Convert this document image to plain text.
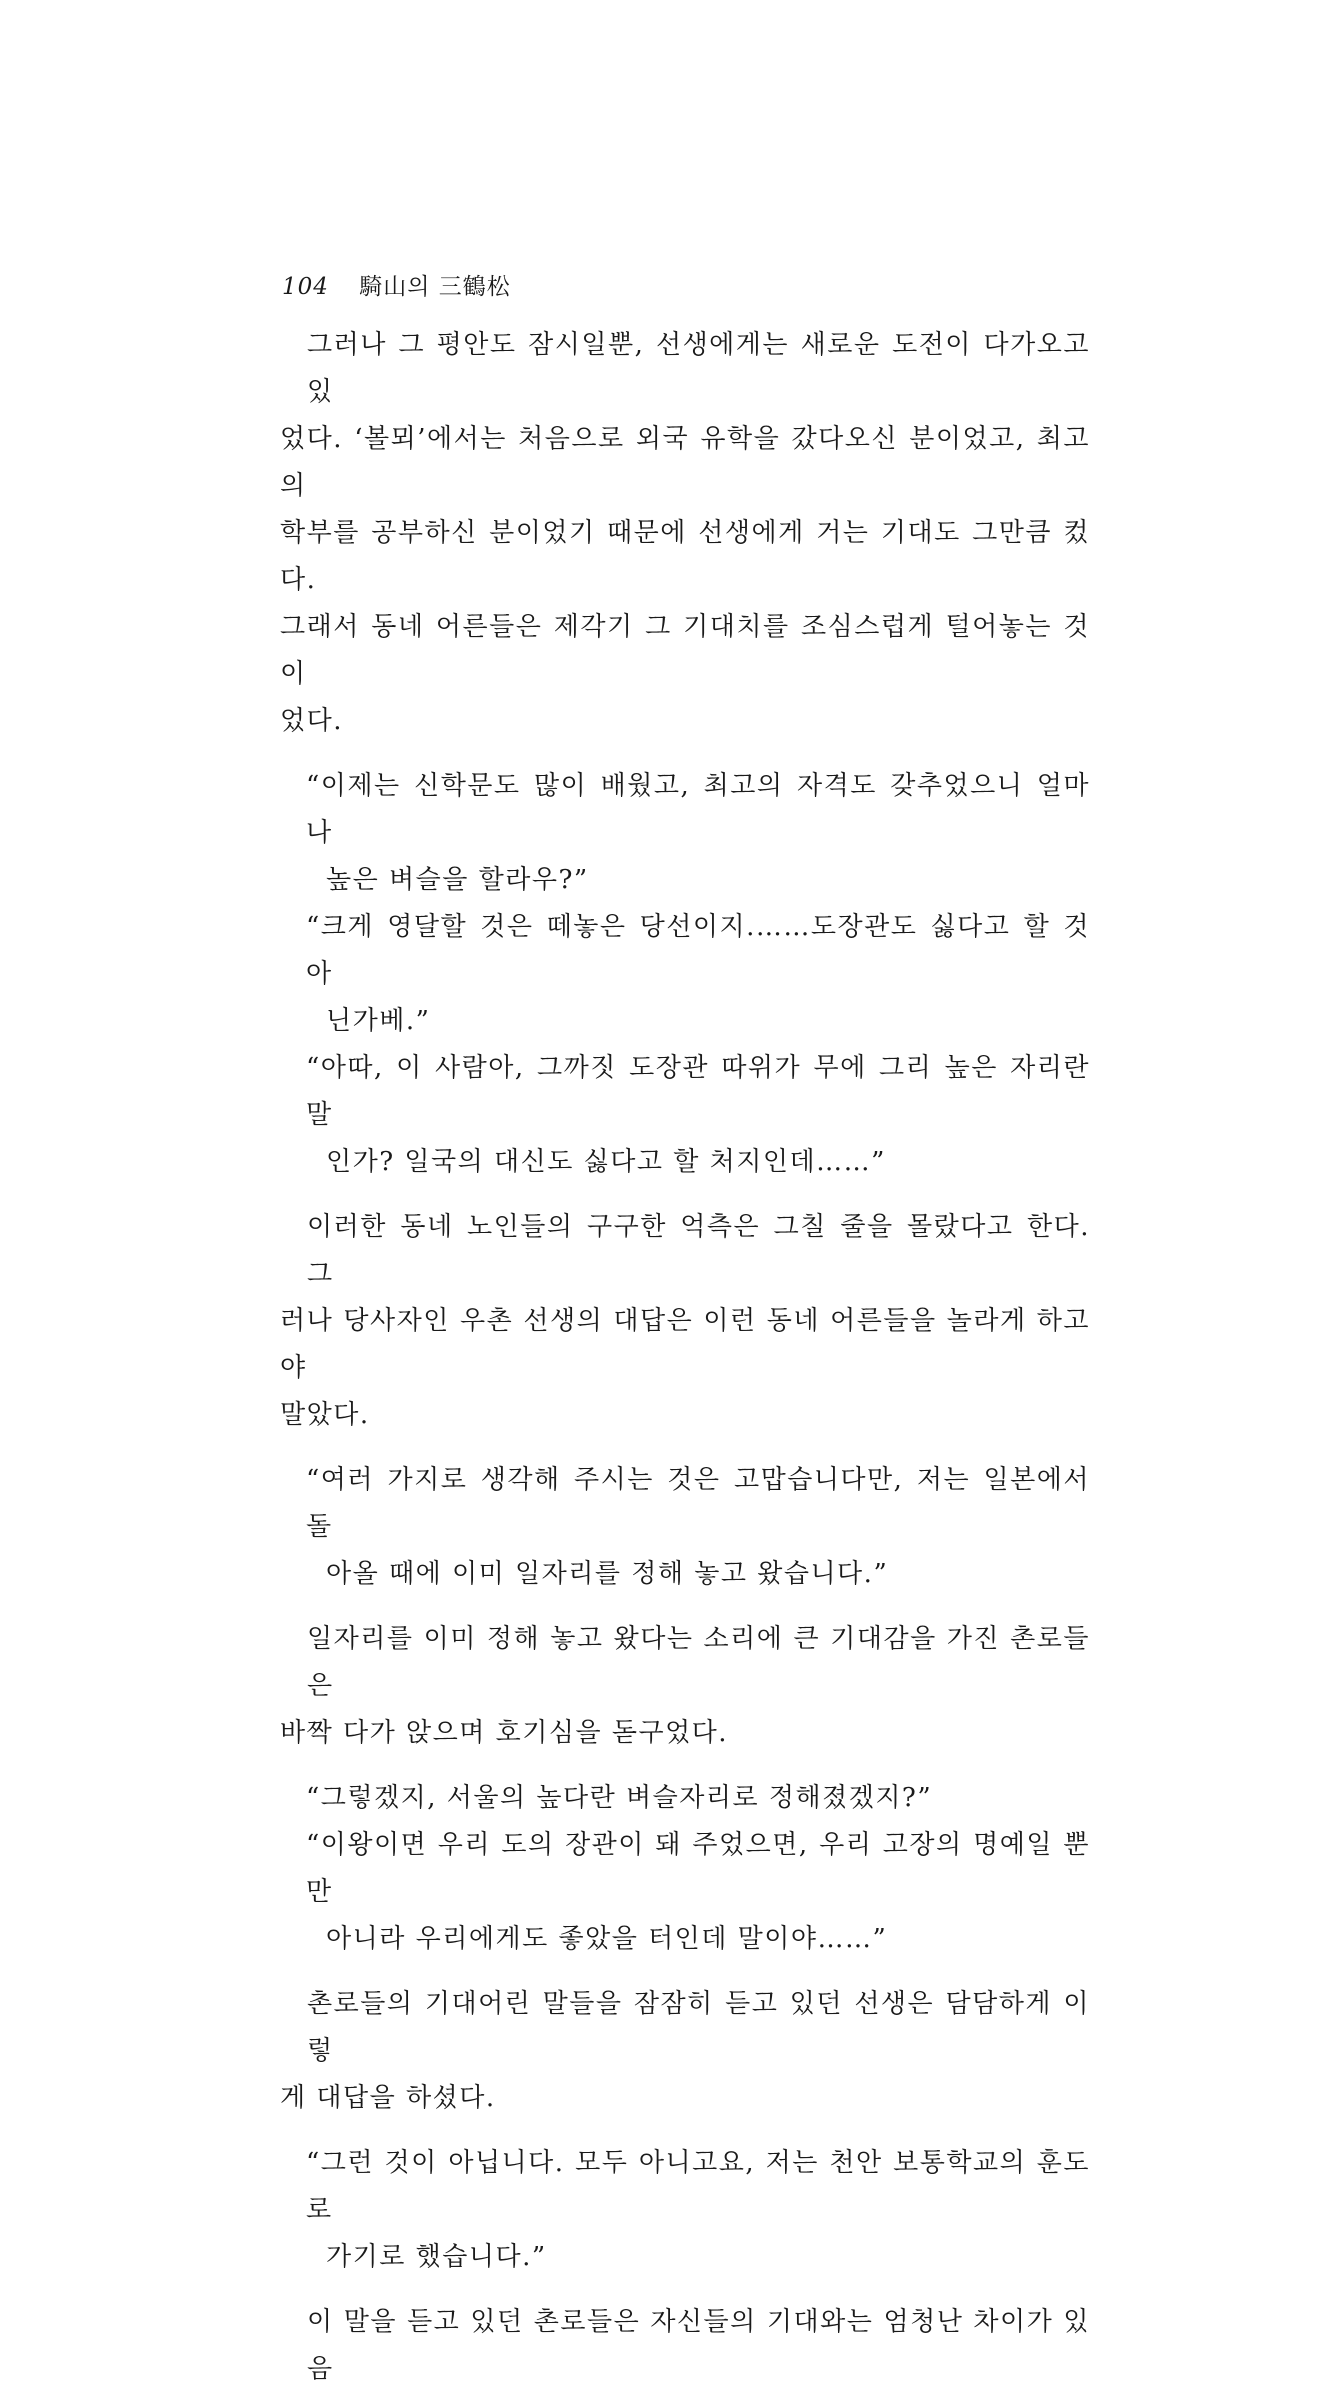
104 騎山의 三鶴松
그러나 그 평안도 잠시일뿐, 선생에게는 새로운 도전이 다가오고 있
었다. ‘볼뫼’에서는 처음으로 외국 유학을 갔다오신 분이었고, 최고의
학부를 공부하신 분이었기 때문에 선생에게 거는 기대도 그만큼 컸다.
그래서 동네 어른들은 제각기 그 기대치를 조심스럽게 털어놓는 것이
었다.
“이제는 신학문도 많이 배웠고, 최고의 자격도 갖추었으니 얼마나
높은 벼슬을 할라우?”
“크게 영달할 것은 떼놓은 당선이지.……도장관도 싫다고 할 것 아
닌가베.”
“아따, 이 사람아, 그까짓 도장관 따위가 무에 그리 높은 자리란 말
인가? 일국의 대신도 싫다고 할 처지인데……”
이러한 동네 노인들의 구구한 억측은 그칠 줄을 몰랐다고 한다. 그
러나 당사자인 우촌 선생의 대답은 이런 동네 어른들을 놀라게 하고야
말았다.
“여러 가지로 생각해 주시는 것은 고맙습니다만, 저는 일본에서 돌
아올 때에 이미 일자리를 정해 놓고 왔습니다.”
일자리를 이미 정해 놓고 왔다는 소리에 큰 기대감을 가진 촌로들은
바짝 다가 앉으며 호기심을 돋구었다.
“그렇겠지, 서울의 높다란 벼슬자리로 정해졌겠지?”
“이왕이면 우리 도의 장관이 돼 주었으면, 우리 고장의 명예일 뿐만
아니라 우리에게도 좋았을 터인데 말이야……”
촌로들의 기대어린 말들을 잠잠히 듣고 있던 선생은 담담하게 이렇
게 대답을 하셨다.
“그런 것이 아닙니다. 모두 아니고요, 저는 천안 보통학교의 훈도로
가기로 했습니다.”
이 말을 듣고 있던 촌로들은 자신들의 기대와는 엄청난 차이가 있음
